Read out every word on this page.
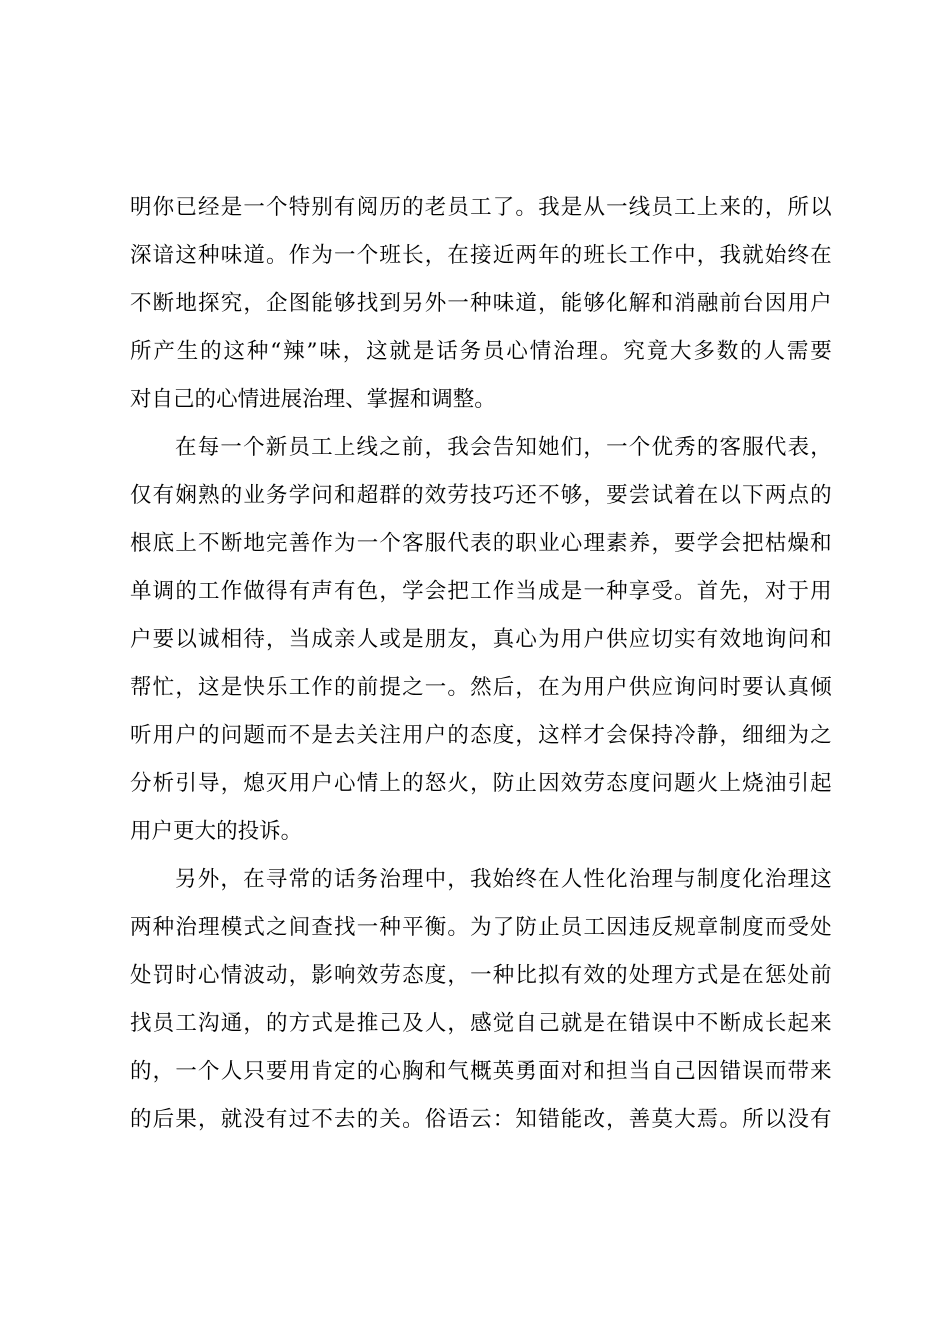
明 你 已 经 是 一 个 特 别 有 阅 历 的 老 员 工 了 。 我 是 从 一 线 员 工 上 来 的 ， 所 以
深 谙 这 种 味 道 。 作 为 一 个 班 长 ， 在 接 近 两 年 的 班 长 工 作 中 ， 我 就 始 终 在
不 断 地 探 究 ， 企 图 能 够 找 到 另 外 一 种 味 道 ， 能 够 化 解 和 消 融 前 台 因 用 户
所 产 生 的 这 种 “ 辣 ” 味 ， 这 就 是 话 务 员 心 情 治 理 。 究 竟 大 多 数 的 人 需 要
对 自 己 的 心 情 进 展 治 理 、 掌 握 和 调 整 。
在 每 一 个 新 员 工 上 线 之 前 ， 我 会 告 知 她 们 ， 一 个 优 秀 的 客 服 代 表 ，
仅 有 娴 熟 的 业 务 学 问 和 超 群 的 效 劳 技 巧 还 不 够 ， 要 尝 试 着 在 以 下 两 点 的
根 底 上 不 断 地 完 善 作 为 一 个 客 服 代 表 的 职 业 心 理 素 养 ， 要 学 会 把 枯 燥 和
单 调 的 工 作 做 得 有 声 有 色 ， 学 会 把 工 作 当 成 是 一 种 享 受 。 首 先 ， 对 于 用
户 要 以 诚 相 待 ， 当 成 亲 人 或 是 朋 友 ， 真 心 为 用 户 供 应 切 实 有 效 地 询 问 和
帮 忙 ， 这 是 快 乐 工 作 的 前 提 之 一 。 然 后 ， 在 为 用 户 供 应 询 问 时 要 认 真 倾
听 用 户 的 问 题 而 不 是 去 关 注 用 户 的 态 度 ， 这 样 才 会 保 持 冷 静 ， 细 细 为 之
分 析 引 导 ， 熄 灭 用 户 心 情 上 的 怒 火 ， 防 止 因 效 劳 态 度 问 题 火 上 烧 油 引 起
用 户 更 大 的 投 诉 。
另 外 ， 在 寻 常 的 话 务 治 理 中 ， 我 始 终 在 人 性 化 治 理 与 制 度 化 治 理 这
两 种 治 理 模 式 之 间 查 找 一 种 平 衡 。 为 了 防 止 员 工 因 违 反 规 章 制 度 而 受 处
处 罚 时 心 情 波 动 ， 影 响 效 劳 态 度 ， 一 种 比 拟 有 效 的 处 理 方 式 是 在 惩 处 前
找 员 工 沟 通 ， 的 方 式 是 推 己 及 人 ， 感 觉 自 己 就 是 在 错 误 中 不 断 成 长 起 来
的 ， 一 个 人 只 要 用 肯 定 的 心 胸 和 气 概 英 勇 面 对 和 担 当 自 己 因 错 误 而 带 来
的 后 果 ， 就 没 有 过 不 去 的 关 。 俗 语 云 ： 知 错 能 改 ， 善 莫 大 焉 。 所 以 没 有
